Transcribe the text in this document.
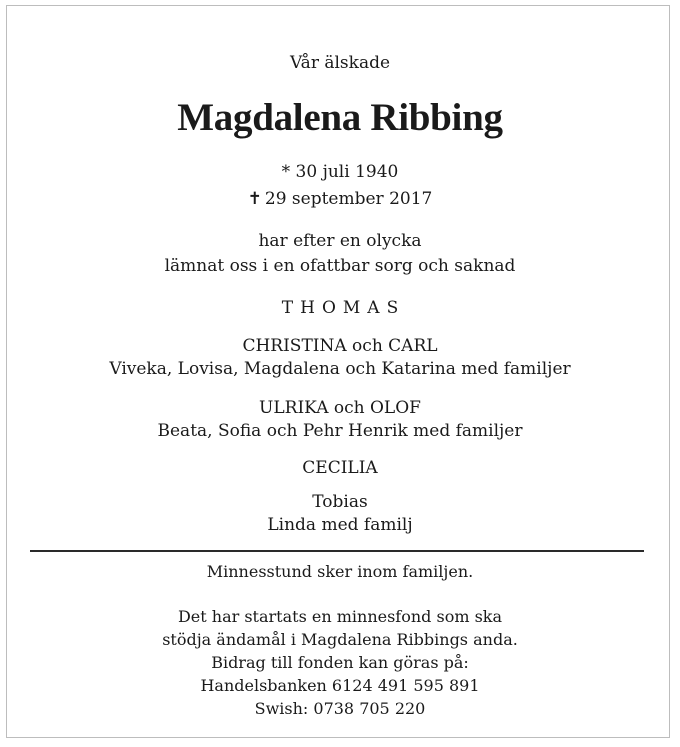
Vår älskade
Magdalena Ribbing
* 30 juli 1940
✝ 29 september 2017
har efter en olycka
lämnat oss i en ofattbar sorg och saknad
THOMAS
CHRISTINA och CARL
Viveka, Lovisa, Magdalena och Katarina med familjer
ULRIKA och OLOF
Beata, Sofia och Pehr Henrik med familjer
CECILIA
Tobias
Linda med familj
Minnesstund sker inom familjen.
Det har startats en minnesfond som ska
stödja ändamål i Magdalena Ribbings anda.
Bidrag till fonden kan göras på:
Handelsbanken 6124 491 595 891
Swish: 0738 705 220
